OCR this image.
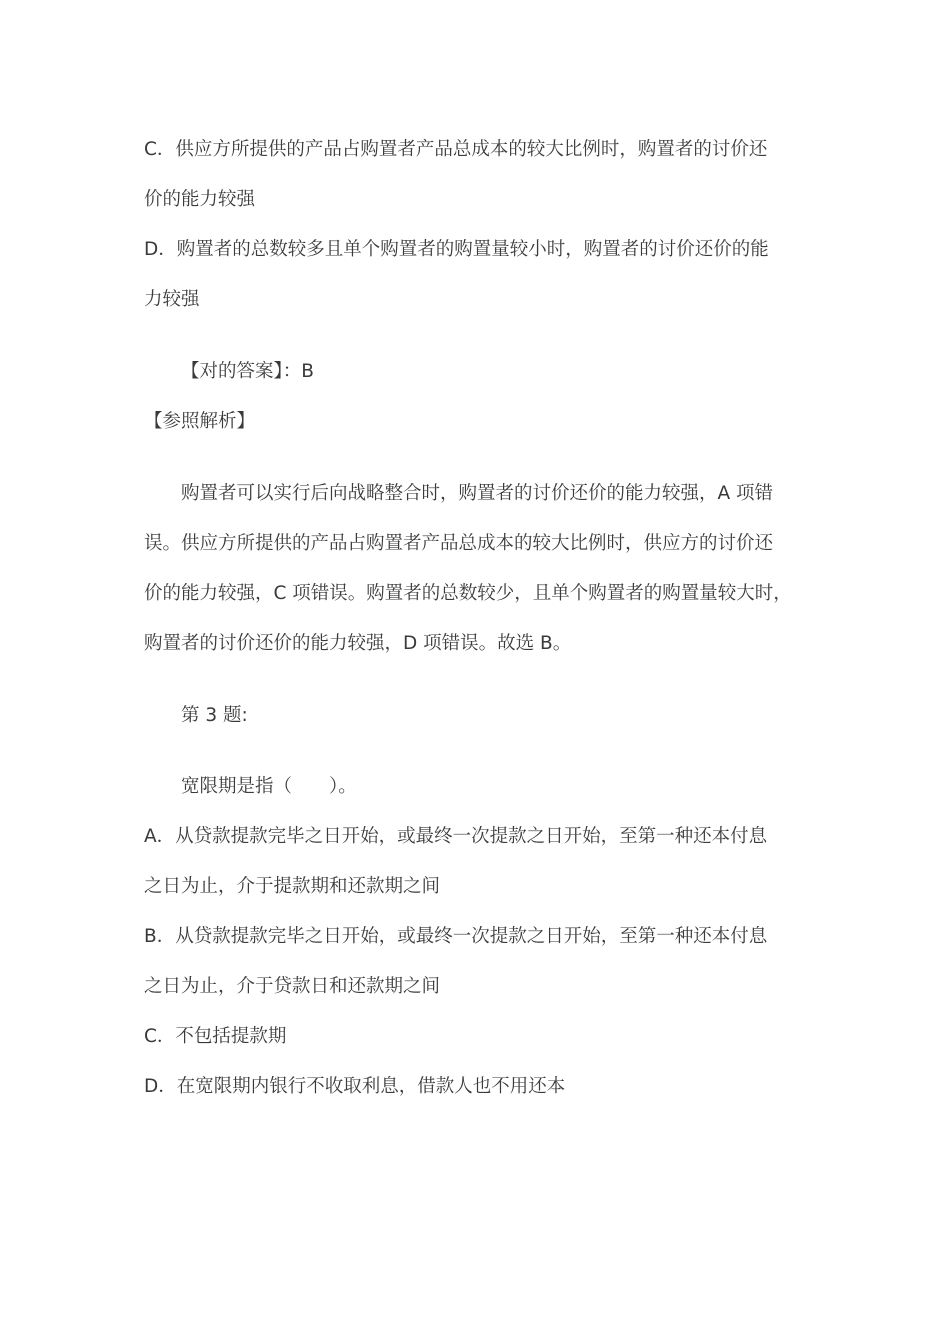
C．供应方所提供的产品占购置者产品总成本的较大比例时，购置者的讨价还
价的能力较强
D．购置者的总数较多且单个购置者的购置量较小时，购置者的讨价还价的能
力较强
【对的答案】：B
【参照解析】
购置者可以实行后向战略整合时，购置者的讨价还价的能力较强，A 项错
误。供应方所提供的产品占购置者产品总成本的较大比例时，供应方的讨价还
价的能力较强，C 项错误。购置者的总数较少，且单个购置者的购置量较大时，
购置者的讨价还价的能力较强，D 项错误。故选 B。
第 3 题:
宽限期是指（　　）。
A．从贷款提款完毕之日开始，或最终一次提款之日开始，至第一种还本付息
之日为止，介于提款期和还款期之间
B．从贷款提款完毕之日开始，或最终一次提款之日开始，至第一种还本付息
之日为止，介于贷款日和还款期之间
C．不包括提款期
D．在宽限期内银行不收取利息，借款人也不用还本
